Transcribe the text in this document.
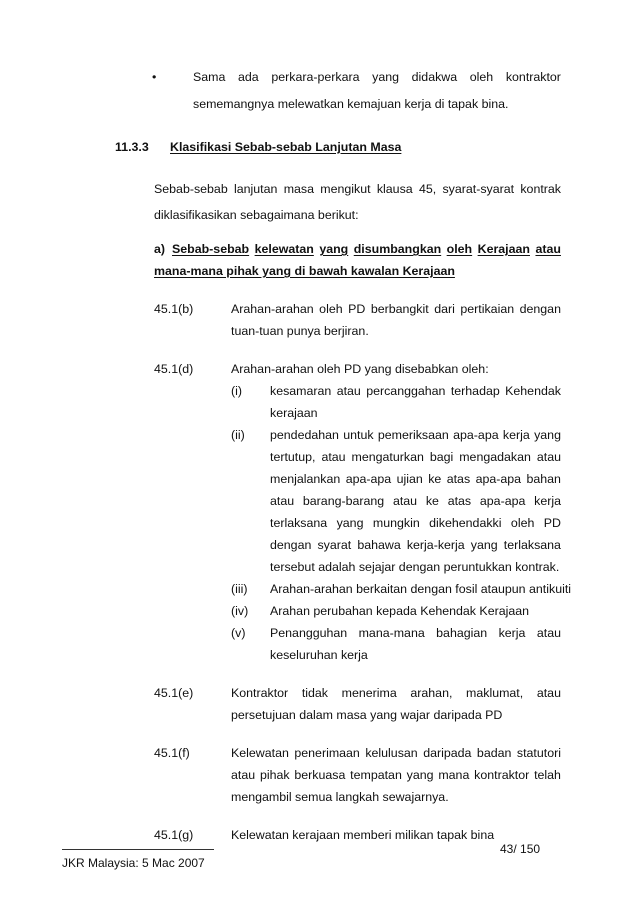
•	Sama ada perkara-perkara yang didakwa oleh kontraktor
sememangnya melewatkan kemajuan kerja di tapak bina.
11.3.3 Klasifikasi Sebab-sebab Lanjutan Masa
Sebab-sebab lanjutan masa mengikut klausa 45, syarat-syarat kontrak
diklasifikasikan sebagaimana berikut:
a) Sebab-sebab kelewatan yang disumbangkan oleh Kerajaan atau
mana-mana pihak yang di bawah kawalan Kerajaan
45.1(b)	Arahan-arahan oleh PD berbangkit dari pertikaian dengan
tuan-tuan punya berjiran.
45.1(d)	Arahan-arahan oleh PD yang disebabkan oleh:
(i) kesamaran atau percanggahan terhadap Kehendak
kerajaan
(ii) pendedahan untuk pemeriksaan apa-apa kerja yang
tertutup, atau mengaturkan bagi mengadakan atau
menjalankan apa-apa ujian ke atas apa-apa bahan
atau barang-barang atau ke atas apa-apa kerja
terlaksana yang mungkin dikehendakki oleh PD
dengan syarat bahawa kerja-kerja yang terlaksana
tersebut adalah sejajar dengan peruntukkan kontrak.
(iii) Arahan-arahan berkaitan dengan fosil ataupun antikuiti
(iv) Arahan perubahan kepada Kehendak Kerajaan
(v) Penangguhan mana-mana bahagian kerja atau
keseluruhan kerja
45.1(e)	Kontraktor tidak menerima arahan, maklumat, atau
persetujuan dalam masa yang wajar daripada PD
45.1(f)	Kelewatan penerimaan kelulusan daripada badan statutori
atau pihak berkuasa tempatan yang mana kontraktor telah
mengambil semua langkah sewajarnya.
45.1(g)	Kelewatan kerajaan memberi milikan tapak bina
43/ 150
JKR Malaysia: 5 Mac 2007
